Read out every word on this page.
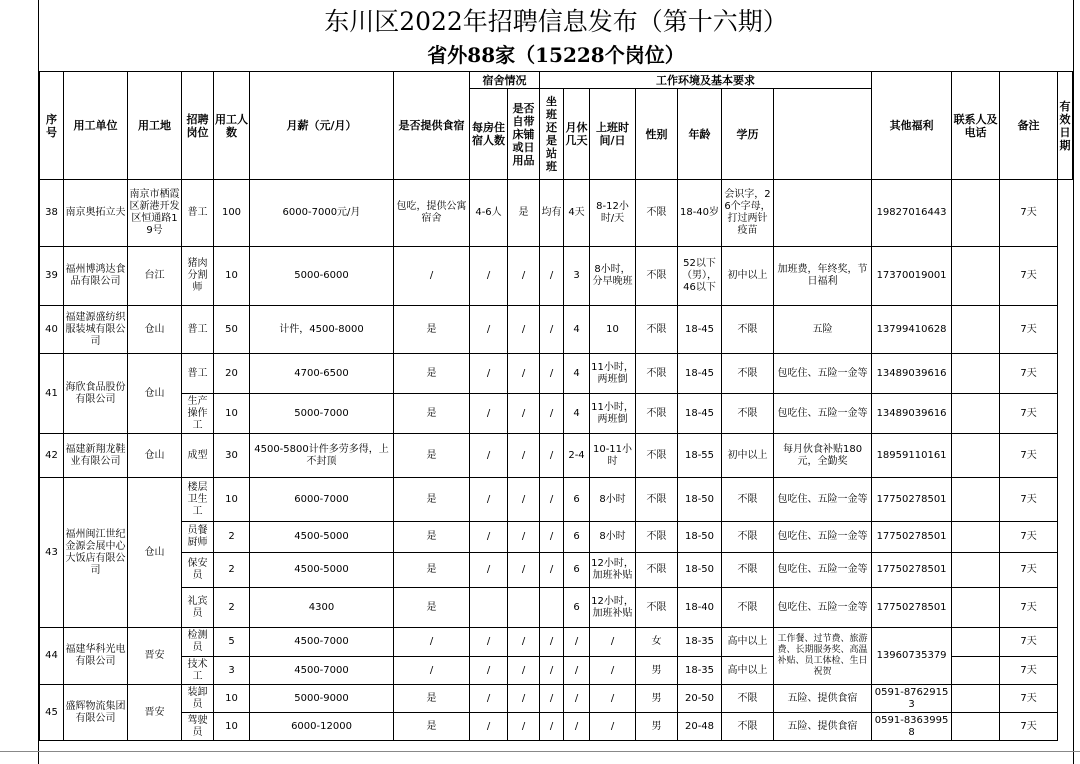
东川区2022年招聘信息发布（第十六期）
省外88家（15228个岗位）
序号	用工单位	用工地	招聘岗位	用工人数	月薪（元/月）	是否提供食宿	宿舍情况		工作环境及基本要求							其他福利	联系人及电话	备注	有效日期
							每房住宿人数	是否自带床铺或日用品	坐班还是站班	月休几天	上班时间/日	性别	年龄	学历					
38	南京奥拓立夫	南京市栖霞区新港开发区恒通路19号	普工	100	6000-7000元/月	包吃，提供公寓宿舍	4-6人	是	均有	4天	8-12小时/天	不限	18-40岁	会识字，26个字母，打过两针疫苗		19827016443		7天	
39	福州博鸿达食品有限公司	台江	猪肉分割师	10	5000-6000	/	/	/	/	3	8小时，分早晚班	不限	52以下（男），46以下	初中以上	加班费，年终奖，节日福利	17370019001		7天	
40	福建源盛纺织服装城有限公司	仓山	普工	50	计件，4500-8000	是	/	/	/	4	10	不限	18-45	不限	五险	13799410628		7天	
41	海欣食品股份有限公司	仓山	普工	20	4700-6500	是	/	/	/	4	11小时，两班倒	不限	18-45	不限	包吃住、五险一金等	13489039616		7天	
			生产操作工	10	5000-7000	是	/	/	/	4	11小时，两班倒	不限	18-45	不限	包吃住、五险一金等	13489039616		7天	
42	福建新翔龙鞋业有限公司	仓山	成型	30	4500-5800计件多劳多得，上不封顶	是	/	/	/	2-4	10-11小时	不限	18-55	初中以上	每月伙食补贴180元，全勤奖	18959110161		7天	
43	福州闽江世纪金源会展中心大饭店有限公司	仓山	楼层卫生工	10	6000-7000	是	/	/	/	6	8小时	不限	18-50	不限	包吃住、五险一金等	17750278501		7天	
			员餐厨师	2	4500-5000	是	/	/	/	6	8小时	不限	18-50	不限	包吃住、五险一金等	17750278501		7天	
			保安员	2	4500-5000	是	/	/	/	6	12小时，加班补贴	不限	18-50	不限	包吃住、五险一金等	17750278501		7天	
			礼宾员	2	4300	是				6	12小时，加班补贴	不限	18-40	不限	包吃住、五险一金等	17750278501		7天	
44	福建华科光电有限公司	晋安	检测员	5	4500-7000	/	/	/	/	/	/	女	18-35	高中以上	工作餐、过节费、旅游费、长期服务奖、高温补贴、员工体检、生日祝贺	13960735379		7天	
			技术工	3	4500-7000	/	/	/	/	/	/	男	18-35	高中以上				7天	
45	盛辉物流集团有限公司	晋安	装卸员	10	5000-9000	是	/	/	/	/	/	男	20-50	不限	五险、提供食宿	0591-87629153		7天	
			驾驶员	10	6000-12000	是	/	/	/	/	/	男	20-48	不限	五险、提供食宿	0591-83639958		7天	
